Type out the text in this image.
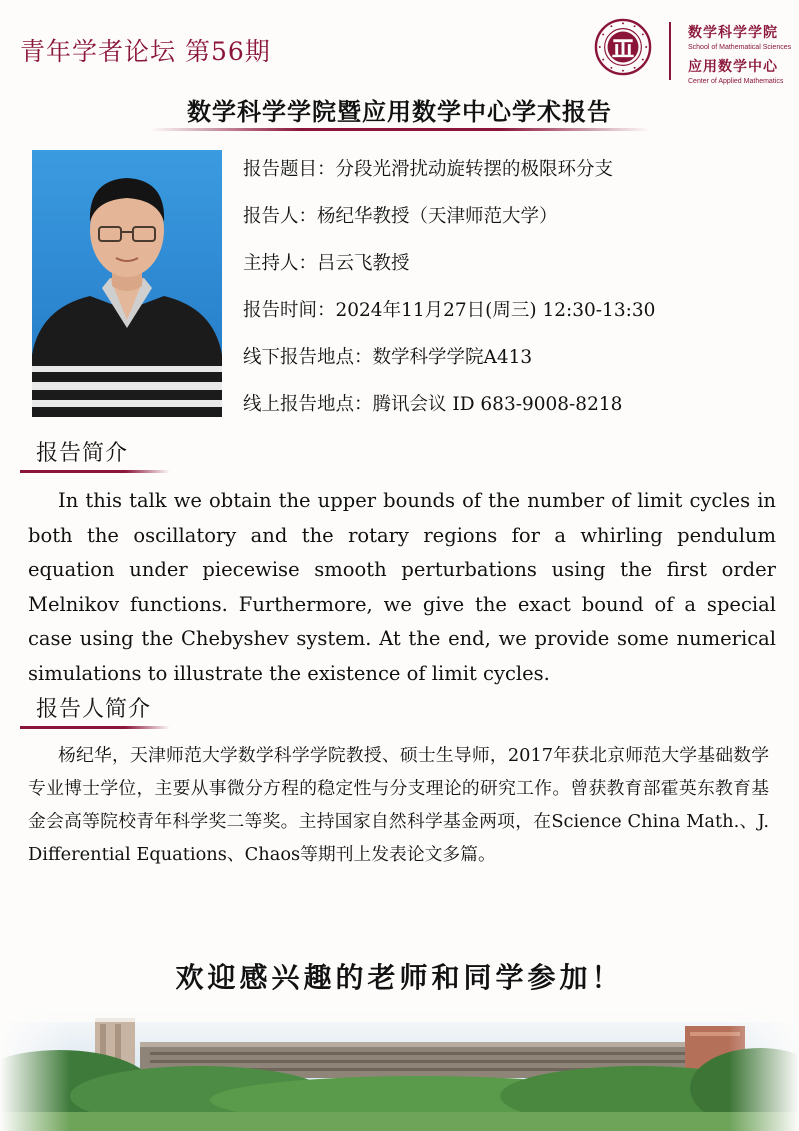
青年学者论坛 第56期
数学科学学院
School of Mathematical Sciences
应用数学中心
Center of Applied Mathematics
数学科学学院暨应用数学中心学术报告
报告题目：分段光滑扰动旋转摆的极限环分支
报告人：杨纪华教授（天津师范大学）
主持人：吕云飞教授
报告时间：2024年11月27日(周三) 12:30-13:30
线下报告地点：数学科学学院A413
线上报告地点：腾讯会议 ID 683-9008-8218
报告简介
In this talk we obtain the upper bounds of the number of limit cycles in both the oscillatory and the rotary regions for a whirling pendulum equation under piecewise smooth perturbations using the first order Melnikov functions. Furthermore, we give the exact bound of a special case using the Chebyshev system. At the end, we provide some numerical simulations to illustrate the existence of limit cycles.
报告人简介
杨纪华，天津师范大学数学科学学院教授、硕士生导师，2017年获北京师范大学基础数学专业博士学位，主要从事微分方程的稳定性与分支理论的研究工作。曾获教育部霍英东教育基金会高等院校青年科学奖二等奖。主持国家自然科学基金两项，在Science China Math.、J. Differential Equations、Chaos等期刊上发表论文多篇。
欢迎感兴趣的老师和同学参加！
